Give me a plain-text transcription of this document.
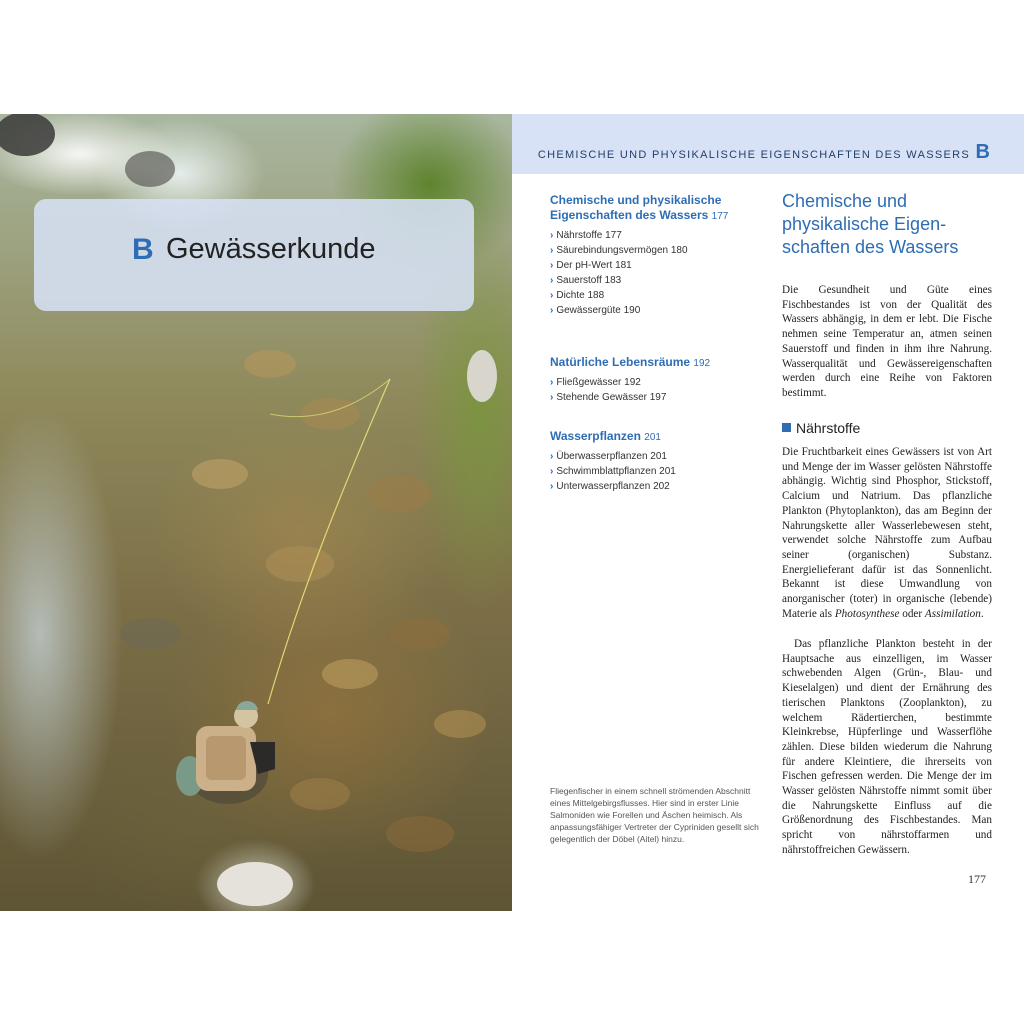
B Gewässerkunde
CHEMISCHE UND PHYSIKALISCHE EIGENSCHAFTEN DES WASSERS B
Chemische und physikalische Eigenschaften des Wassers 177
› Nährstoffe 177
› Säurebindungsvermögen 180
› Der pH-Wert 181
› Sauerstoff 183
› Dichte 188
› Gewässergüte 190
Natürliche Lebensräume 192
› Fließgewässer 192
› Stehende Gewässer 197
Wasserpflanzen 201
› Überwasserpflanzen 201
› Schwimmblattpflanzen 201
› Unterwasserpflanzen 202
Fliegenfischer in einem schnell strömenden Abschnitt eines Mittelgebirgsflusses. Hier sind in erster Linie Salmoniden wie Forellen und Äschen heimisch. Als anpassungsfähiger Vertreter der Cypriniden gesellt sich gelegentlich der Döbel (Aitel) hinzu.
Chemische und physikalische Eigen-schaften des Wassers

Die Gesundheit und Güte eines Fischbestandes ist von der Qualität des Wassers abhängig, in dem er lebt. Die Fische nehmen seine Temperatur an, atmen seinen Sauerstoff und finden in ihm ihre Nahrung. Wasserqualität und Gewässereigenschaften werden durch eine Reihe von Faktoren bestimmt.

Nährstoffe

Die Fruchtbarkeit eines Gewässers ist von Art und Menge der im Wasser gelösten Nährstoffe abhängig. Wichtig sind Phosphor, Stickstoff, Calcium und Natrium. Das pflanzliche Plankton (Phytoplankton), das am Beginn der Nahrungskette aller Wasserlebewesen steht, verwendet solche Nährstoffe zum Aufbau seiner (organischen) Substanz. Energielieferant dafür ist das Sonnenlicht. Bekannt ist diese Umwandlung von anorganischer (toter) in organische (lebende) Materie als Photosynthese oder Assimilation.

Das pflanzliche Plankton besteht in der Hauptsache aus einzelligen, im Wasser schwebenden Algen (Grün-, Blau- und Kieselalgen) und dient der Ernährung des tierischen Planktons (Zooplankton), zu welchem Rädertierchen, bestimmte Kleinkrebse, Hüpferlinge und Wasserflöhe zählen. Diese bilden wiederum die Nahrung für andere Kleintiere, die ihrerseits von Fischen gefressen werden. Die Menge der im Wasser gelösten Nährstoffe nimmt somit über die Nahrungskette Einfluss auf die Größenordnung des Fischbestandes. Man spricht von nährstoffarmen und nährstoffreichen Gewässern.

177
